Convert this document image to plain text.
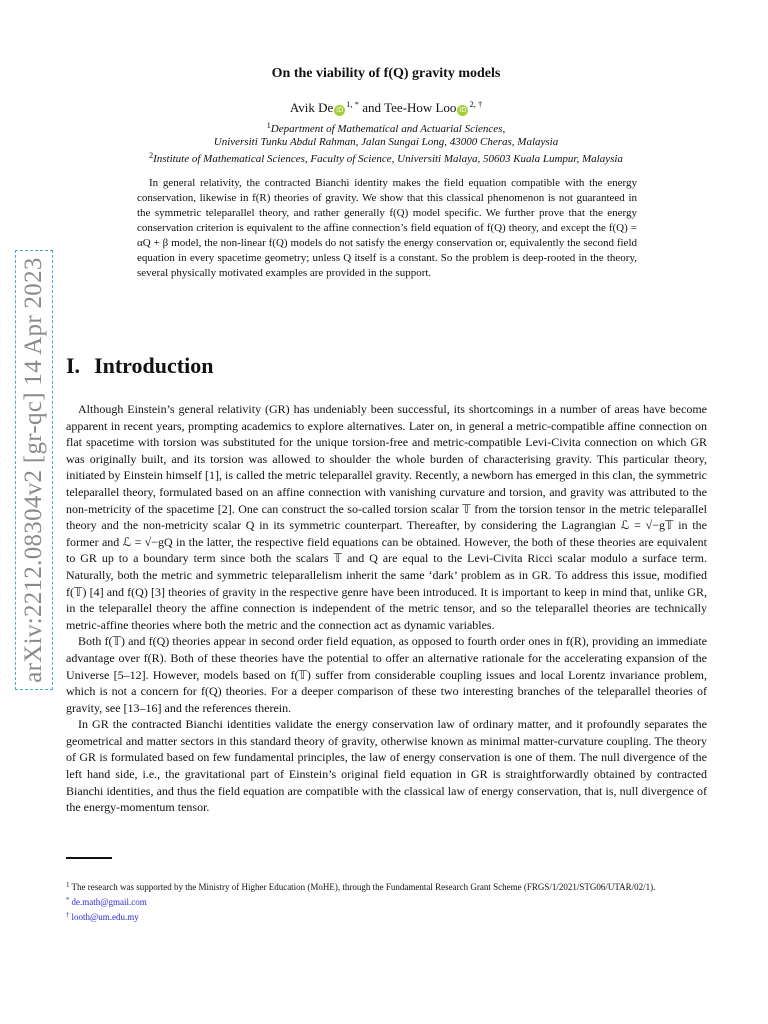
arXiv:2212.08304v2 [gr-qc] 14 Apr 2023
On the viability of f(Q) gravity models
Avik De $iD^{1, *}$ and Tee-How Loo $iD^{2, \dagger}$
$^1$Department of Mathematical and Actuarial Sciences,
Universiti Tunku Abdul Rahman, Jalan Sungai Long, 43000 Cheras, Malaysia
$^2$Institute of Mathematical Sciences, Faculty of Science, Universiti Malaya, 50603 Kuala Lumpur, Malaysia

In general relativity, the contracted Bianchi identity makes the field equation compatible with the energy conservation, likewise in f(R) theories of gravity. We show that this classical phenomenon is not guaranteed in the symmetric teleparallel theory, and rather generally f(Q) model specific. We further prove that the energy conservation criterion is equivalent to the affine connection’s field equation of f(Q) theory, and except the f(Q) = αQ + β model, the non-linear f(Q) models do not satisfy the energy conservation or, equivalently the second field equation in every spacetime geometry; unless Q itself is a constant. So the problem is deep-rooted in the theory, several physically motivated examples are provided in the support.

I. Introduction

Although Einstein’s general relativity (GR) has undeniably been successful, its shortcomings in a number of areas have become apparent in recent years, prompting academics to explore alternatives. Later on, in general a metric-compatible affine connection on flat spacetime with torsion was substituted for the unique torsion-free and metric-compatible Levi-Civita connection on which GR was originally built, and its torsion was allowed to shoulder the whole burden of characterising gravity. This particular theory, initiated by Einstein himself [1], is called the metric teleparallel gravity. Recently, a newborn has emerged in this clan, the symmetric teleparallel theory, formulated based on an affine connection with vanishing curvature and torsion, and gravity was attributed to the non-metricity of the spacetime [2]. One can construct the so-called torsion scalar 𝕋 from the torsion tensor in the metric teleparallel theory and the non-metricity scalar Q in its symmetric counterpart. Thereafter, by considering the Lagrangian ℒ = √−g𝕋 in the former and ℒ = √−gQ in the latter, the respective field equations can be obtained. However, the both of these theories are equivalent to GR up to a boundary term since both the scalars 𝕋 and Q are equal to the Levi-Civita Ricci scalar modulo a surface term. Naturally, both the metric and symmetric teleparallelism inherit the same ‘dark’ problem as in GR. To address this issue, modified f(𝕋) [4] and f(Q) [3] theories of gravity in the respective genre have been introduced. It is important to keep in mind that, unlike GR, in the teleparallel theory the affine connection is independent of the metric tensor, and so the teleparallel theories are technically metric-affine theories where both the metric and the connection act as dynamic variables.

Both f(𝕋) and f(Q) theories appear in second order field equation, as opposed to fourth order ones in f(R), providing an immediate advantage over f(R). Both of these theories have the potential to offer an alternative rationale for the accelerating expansion of the Universe [5–12]. However, models based on f(𝕋) suffer from considerable coupling issues and local Lorentz invariance problem, which is not a concern for f(Q) theories. For a deeper comparison of these two interesting branches of the teleparallel theories of gravity, see [13–16] and the references therein.

In GR the contracted Bianchi identities validate the energy conservation law of ordinary matter, and it profoundly separates the geometrical and matter sectors in this standard theory of gravity, otherwise known as minimal matter-curvature coupling. The theory of GR is formulated based on few fundamental principles, the law of energy conservation is one of them. The null divergence of the left hand side, i.e., the gravitational part of Einstein’s original field equation in GR is straightforwardly obtained by contracted Bianchi identities, and thus the field equation are compatible with the classical law of energy conservation, that is, null divergence of the energy-momentum tensor.

$^1$ The research was supported by the Ministry of Higher Education (MoHE), through the Fundamental Research Grant Scheme (FRGS/1/2021/STG06/UTAR/02/1).
* de.math@gmail.com
† looth@um.edu.my
